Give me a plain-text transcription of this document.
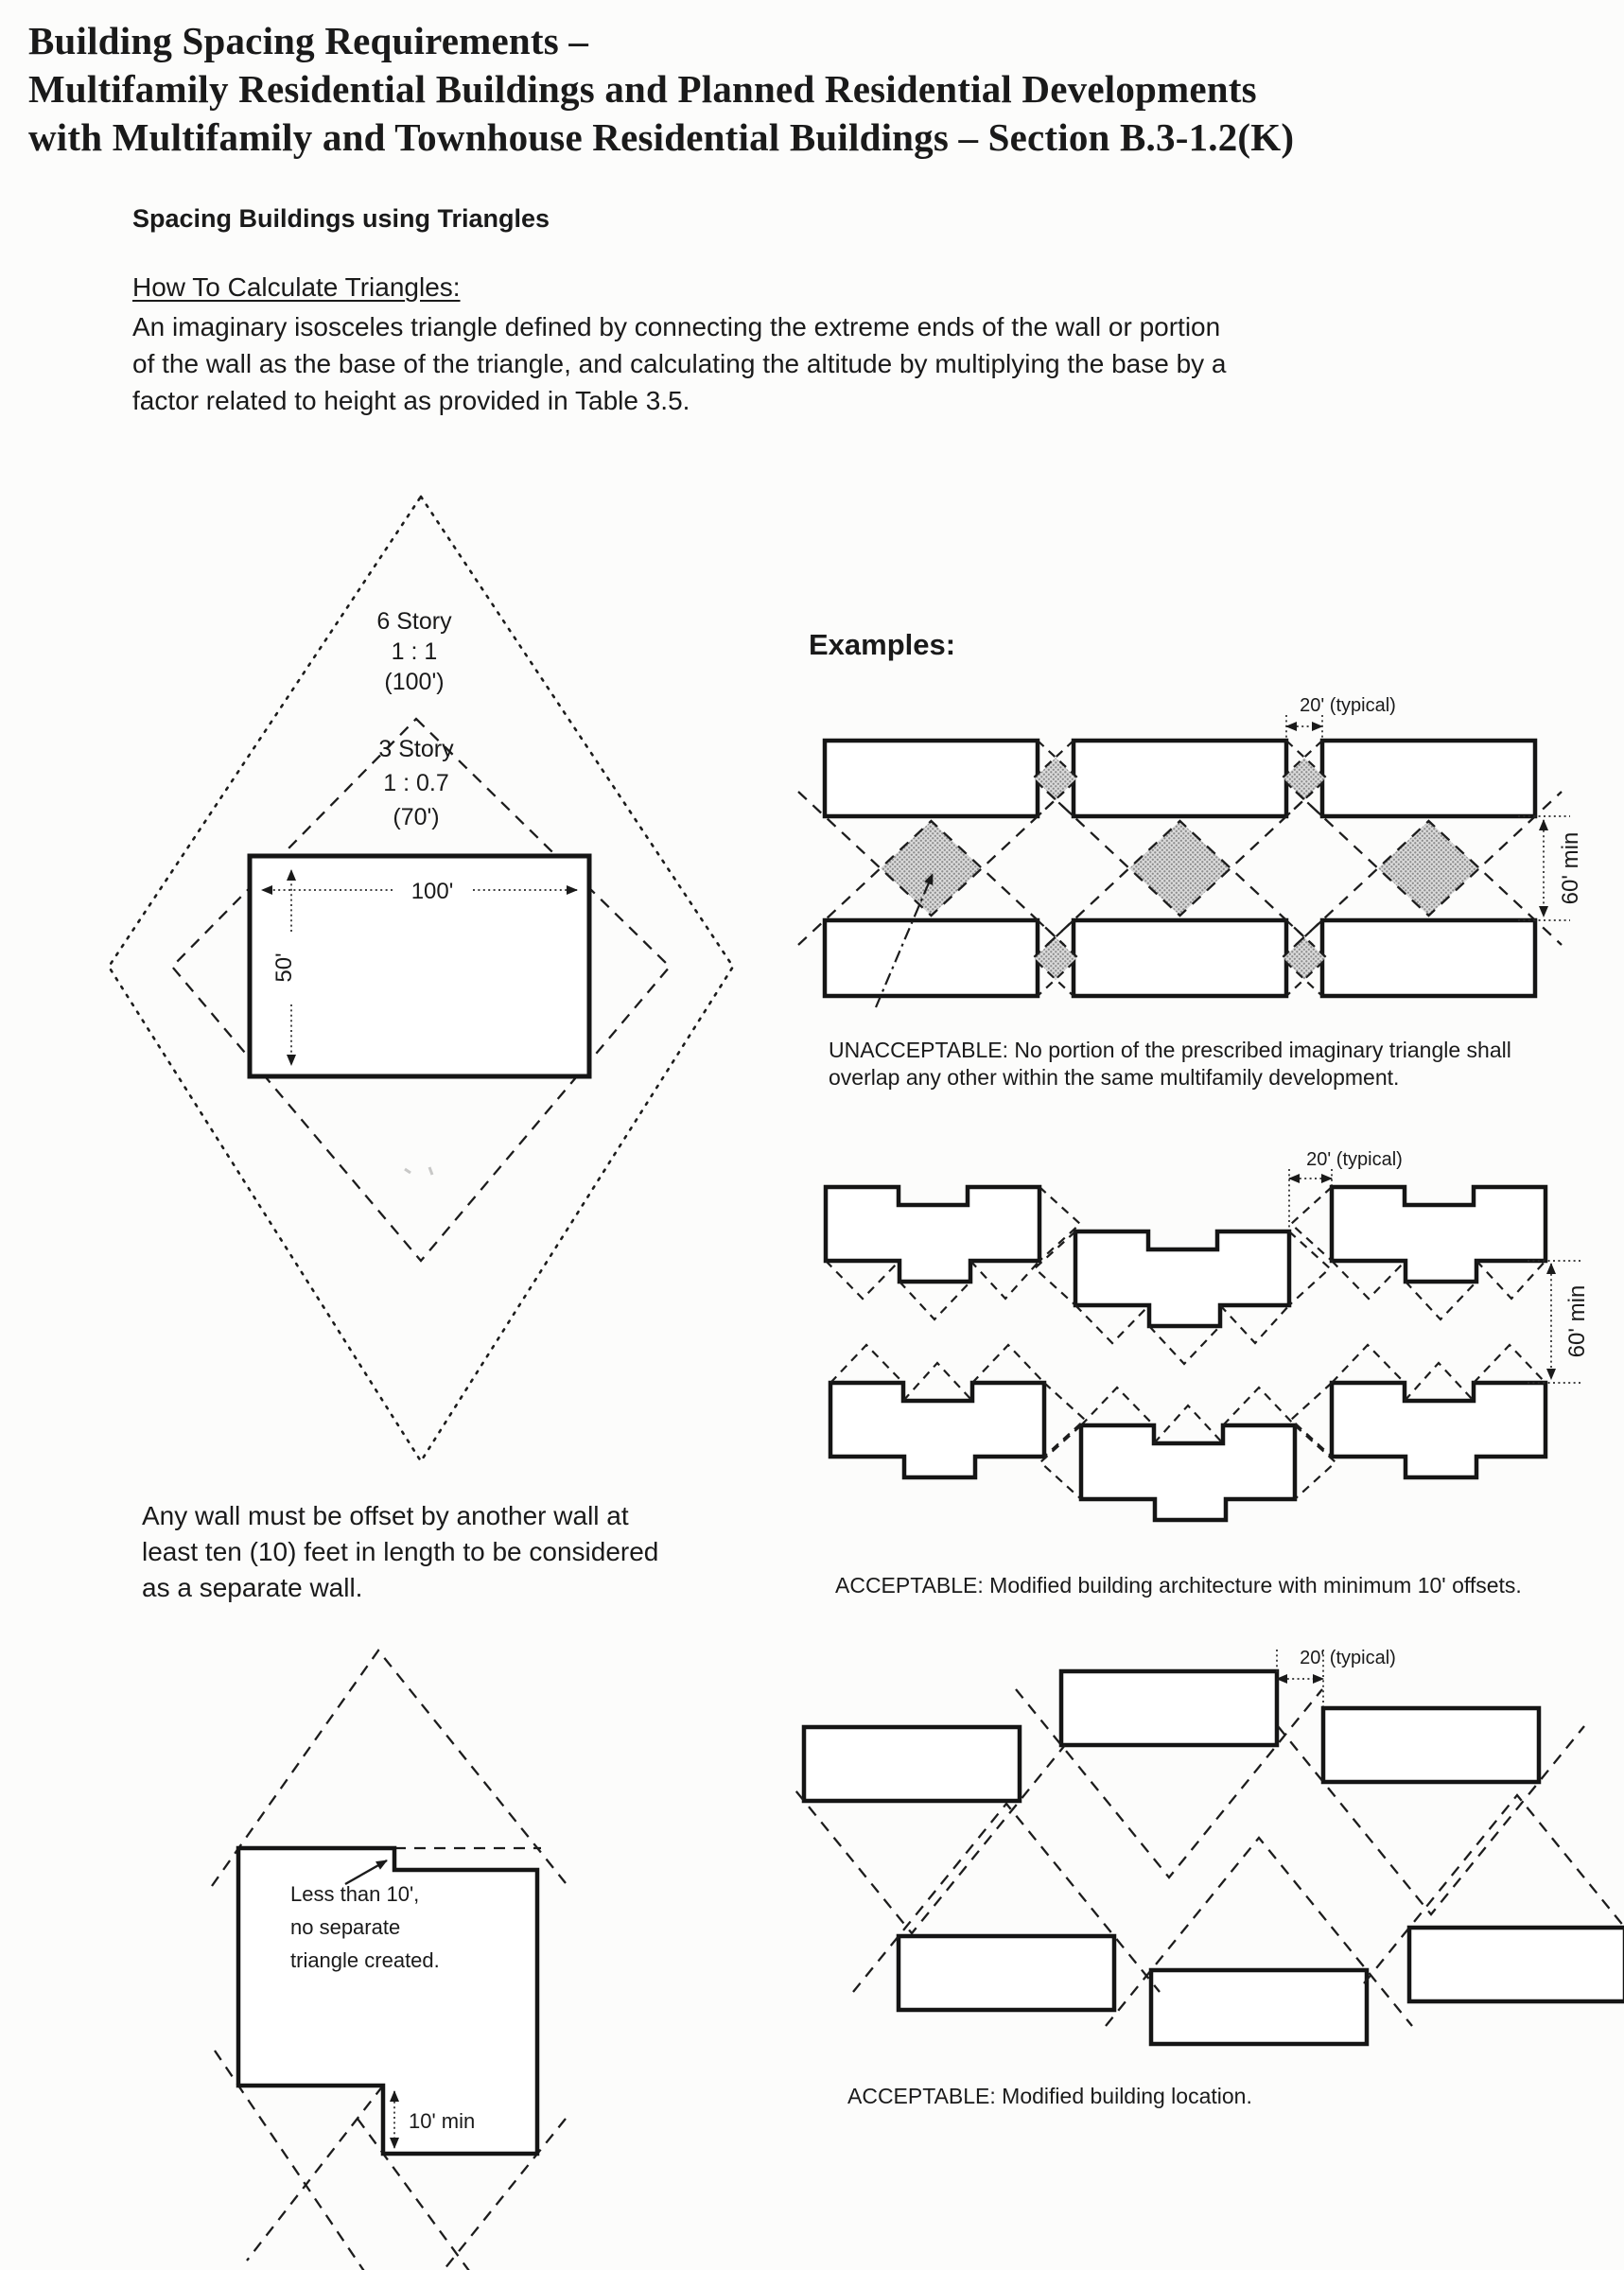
Building Spacing Requirements –
Multifamily Residential Buildings and Planned Residential Developments
with Multifamily and Townhouse Residential Buildings – Section B.3-1.2(K)
Spacing Buildings using Triangles
How To Calculate Triangles:
An imaginary isosceles triangle defined by connecting the extreme ends of the wall or portion
of the wall as the base of the triangle, and calculating the altitude by multiplying the base by a
factor related to height as provided in Table 3.5.
Examples:
UNACCEPTABLE: No portion of the prescribed imaginary triangle shall
overlap any other within the same multifamily development.
Any wall must be offset by another wall at
least ten (10) feet in length to be considered
as a separate wall.	ACCEPTABLE: Modified building architecture with minimum 10' offsets.
ACCEPTABLE: Modified building location.
6 Story
1 : 1
(100')
3 Story
1 : 0.7
(70')
100'
50'
20' (typical)
60' min
20' (typical)
60' min
20' (typical)
Less than 10',
no separate
triangle created.
10' min
